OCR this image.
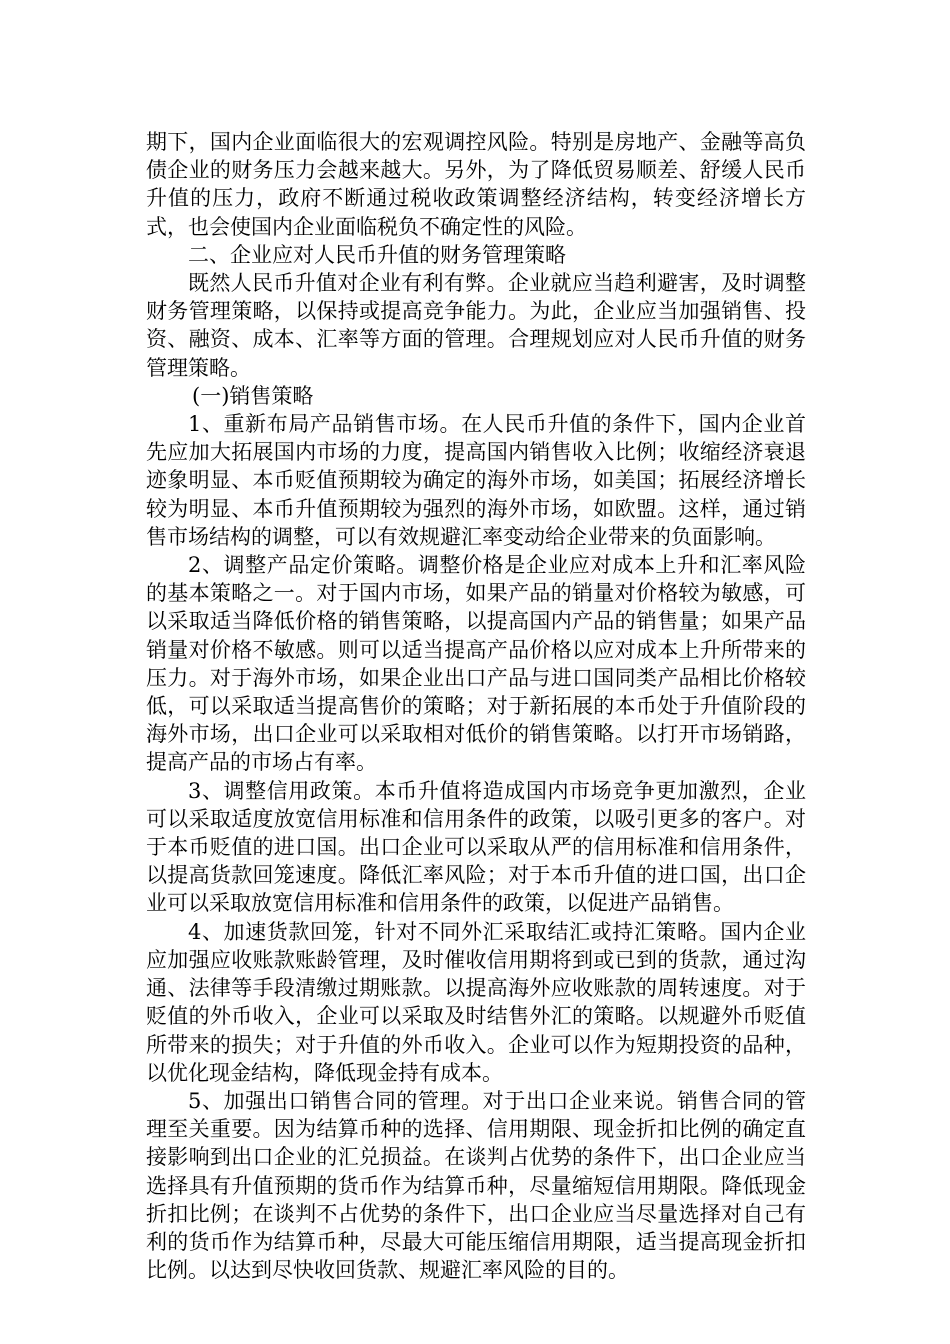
期下，国内企业面临很大的宏观调控风险。特别是房地产、金融等高负债企业的财务压力会越来越大。另外，为了降低贸易顺差、舒缓人民币升值的压力，政府不断通过税收政策调整经济结构，转变经济增长方式，也会使国内企业面临税负不确定性的风险。

二、企业应对人民币升值的财务管理策略

既然人民币升值对企业有利有弊。企业就应当趋利避害，及时调整财务管理策略，以保持或提高竞争能力。为此，企业应当加强销售、投资、融资、成本、汇率等方面的管理。合理规划应对人民币升值的财务管理策略。

(一)销售策略

1、重新布局产品销售市场。在人民币升值的条件下，国内企业首先应加大拓展国内市场的力度，提高国内销售收入比例；收缩经济衰退迹象明显、本币贬值预期较为确定的海外市场，如美国；拓展经济增长较为明显、本币升值预期较为强烈的海外市场，如欧盟。这样，通过销售市场结构的调整，可以有效规避汇率变动给企业带来的负面影响。

2、调整产品定价策略。调整价格是企业应对成本上升和汇率风险的基本策略之一。对于国内市场，如果产品的销量对价格较为敏感，可以采取适当降低价格的销售策略，以提高国内产品的销售量；如果产品销量对价格不敏感。则可以适当提高产品价格以应对成本上升所带来的压力。对于海外市场，如果企业出口产品与进口国同类产品相比价格较低，可以采取适当提高售价的策略；对于新拓展的本币处于升值阶段的海外市场，出口企业可以采取相对低价的销售策略。以打开市场销路，提高产品的市场占有率。

3、调整信用政策。本币升值将造成国内市场竞争更加激烈，企业可以采取适度放宽信用标准和信用条件的政策，以吸引更多的客户。对于本币贬值的进口国。出口企业可以采取从严的信用标准和信用条件，以提高货款回笼速度。降低汇率风险；对于本币升值的进口国，出口企业可以采取放宽信用标准和信用条件的政策，以促进产品销售。

4、加速货款回笼，针对不同外汇采取结汇或持汇策略。国内企业应加强应收账款账龄管理，及时催收信用期将到或已到的货款，通过沟通、法律等手段清缴过期账款。以提高海外应收账款的周转速度。对于贬值的外币收入，企业可以采取及时结售外汇的策略。以规避外币贬值所带来的损失；对于升值的外币收入。企业可以作为短期投资的品种，以优化现金结构，降低现金持有成本。

5、加强出口销售合同的管理。对于出口企业来说。销售合同的管理至关重要。因为结算币种的选择、信用期限、现金折扣比例的确定直接影响到出口企业的汇兑损益。在谈判占优势的条件下，出口企业应当选择具有升值预期的货币作为结算币种，尽量缩短信用期限。降低现金折扣比例；在谈判不占优势的条件下，出口企业应当尽量选择对自己有利的货币作为结算币种，尽最大可能压缩信用期限，适当提高现金折扣比例。以达到尽快收回货款、规避汇率风险的目的。
